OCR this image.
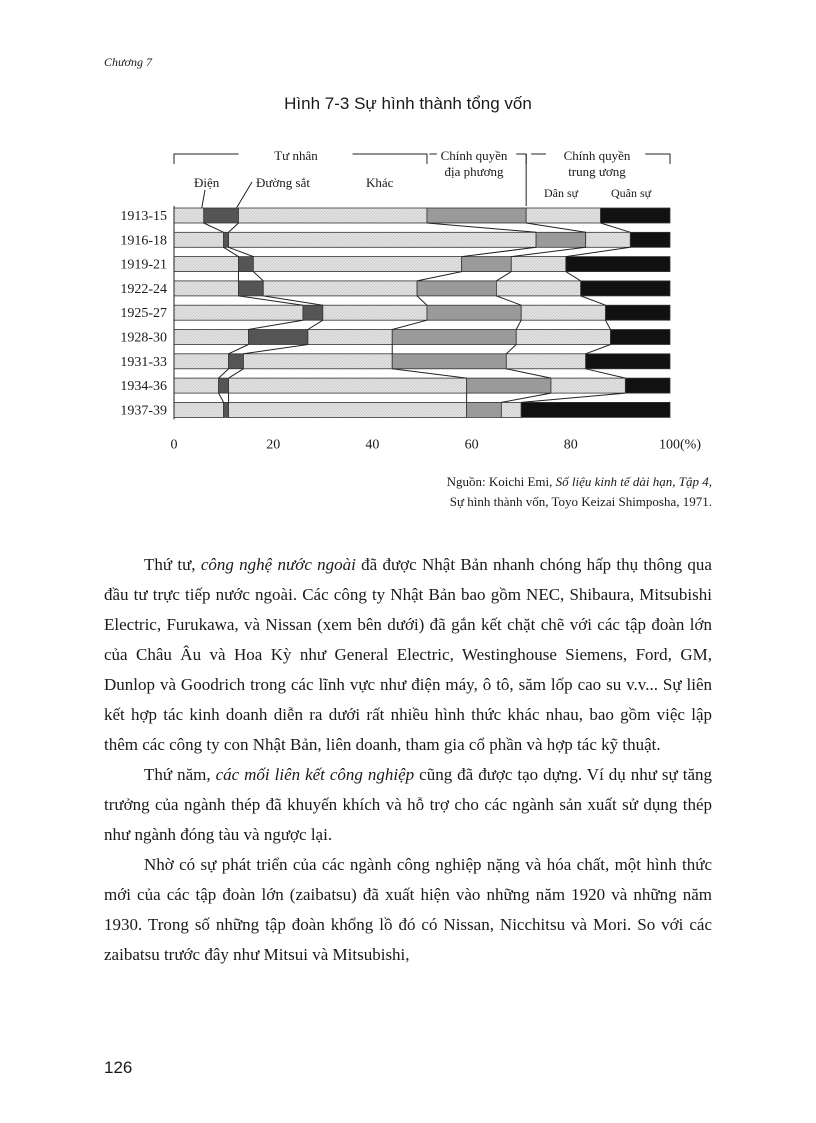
Chương 7
Hình 7-3 Sự hình thành tổng vốn
Tư nhân	Chính quyền
địa phương
Chính quyền
trung ương
Điện	Đường sắt	Khác
Dân sự	Quân sự
1913-15
1916-18
1919-21
1922-24
1925-27
1928-30
1931-33
1934-36
1937-39
0	20	40	60	80	100(%)
Nguồn: Koichi Emi, Số liệu kinh tế dài hạn, Tập 4,
Sự hình thành vốn, Toyo Keizai Shimposha, 1971.

Thứ tư, công nghệ nước ngoài đã được Nhật Bản nhanh chóng hấp thụ thông qua đầu tư trực tiếp nước ngoài. Các công ty Nhật Bản bao gồm NEC, Shibaura, Mitsubishi Electric, Furukawa, và Nissan (xem bên dưới) đã gắn kết chặt chẽ với các tập đoàn lớn của Châu Âu và Hoa Kỳ như General Electric, Westinghouse Siemens, Ford, GM, Dunlop và Goodrich trong các lĩnh vực như điện máy, ô tô, săm lốp cao su v.v... Sự liên kết hợp tác kinh doanh diễn ra dưới rất nhiều hình thức khác nhau, bao gồm việc lập thêm các công ty con Nhật Bản, liên doanh, tham gia cổ phần và hợp tác kỹ thuật.

Thứ năm, các mối liên kết công nghiệp cũng đã được tạo dựng. Ví dụ như sự tăng trưởng của ngành thép đã khuyến khích và hỗ trợ cho các ngành sản xuất sử dụng thép như ngành đóng tàu và ngược lại.

Nhờ có sự phát triển của các ngành công nghiệp nặng và hóa chất, một hình thức mới của các tập đoàn lớn (zaibatsu) đã xuất hiện vào những năm 1920 và những năm 1930. Trong số những tập đoàn khổng lồ đó có Nissan, Nicchitsu và Mori. So với các zaibatsu trước đây như Mitsui và Mitsubishi,

126
